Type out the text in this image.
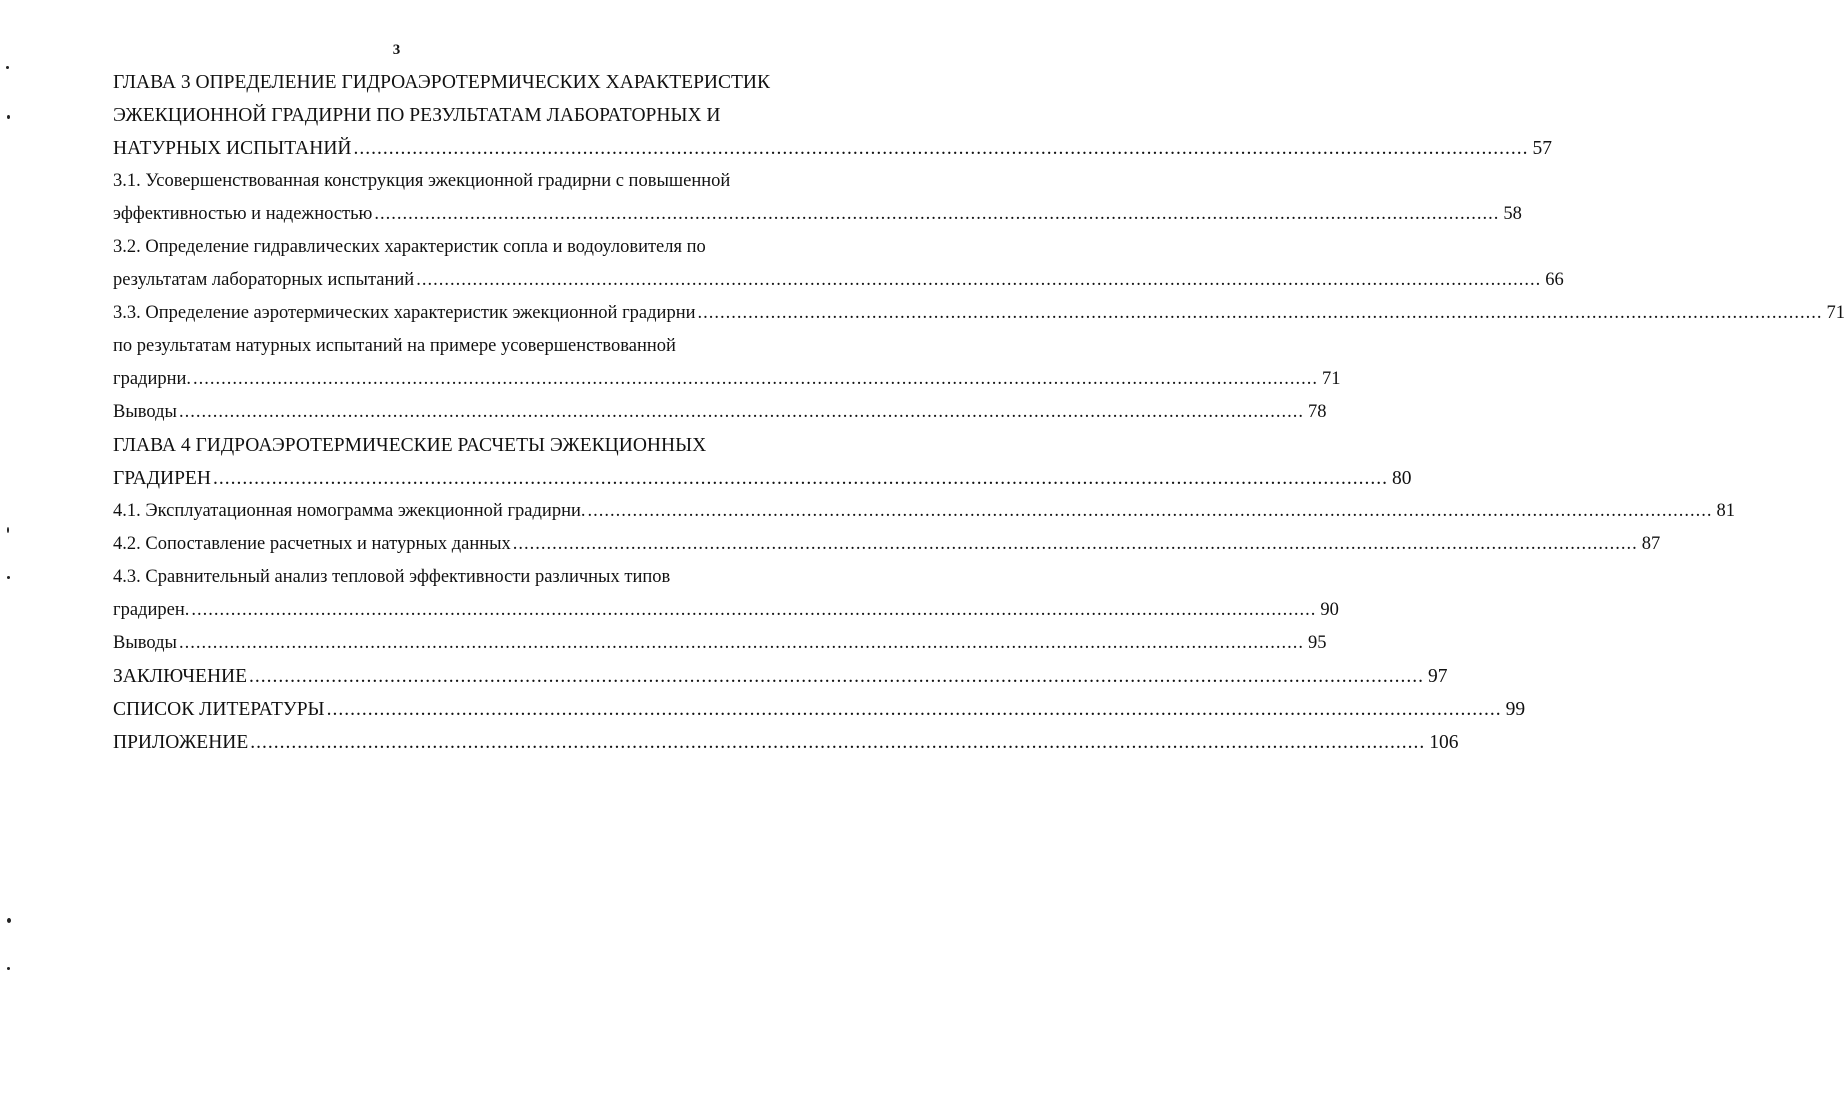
3
ГЛАВА 3 ОПРЕДЕЛЕНИЕ ГИДРОАЭРОТЕРМИЧЕСКИХ ХАРАКТЕРИСТИК
ЭЖЕКЦИОННОЙ ГРАДИРНИ ПО РЕЗУЛЬТАТАМ ЛАБОРАТОРНЫХ И
НАТУРНЫХ ИСПЫТАНИЙ ........................................................................................................................................................................................................ 57
3.1. Усовершенствованная конструкция эжекционной градирни с повышенной
эффективностью и надежностью ........................................................................................................................................................................................................ 58
3.2. Определение гидравлических характеристик сопла и водоуловителя по
результатам лабораторных испытаний ........................................................................................................................................................................................................ 66
3.3. Определение аэротермических характеристик эжекционной градирни ........................................................................................................................................................................................................ 71
по результатам натурных испытаний на примере усовершенствованной
градирни. ........................................................................................................................................................................................................ 71
Выводы ........................................................................................................................................................................................................ 78
ГЛАВА 4 ГИДРОАЭРОТЕРМИЧЕСКИЕ РАСЧЕТЫ ЭЖЕКЦИОННЫХ
ГРАДИРЕН ........................................................................................................................................................................................................ 80
4.1. Эксплуатационная номограмма эжекционной градирни. ........................................................................................................................................................................................................ 81
4.2. Сопоставление расчетных и натурных данных ........................................................................................................................................................................................................ 87
4.3. Сравнительный анализ тепловой эффективности различных типов
градирен. ........................................................................................................................................................................................................ 90
Выводы ........................................................................................................................................................................................................ 95
ЗАКЛЮЧЕНИЕ ........................................................................................................................................................................................................ 97
СПИСОК ЛИТЕРАТУРЫ ........................................................................................................................................................................................................ 99
ПРИЛОЖЕНИЕ ........................................................................................................................................................................................................ 106
